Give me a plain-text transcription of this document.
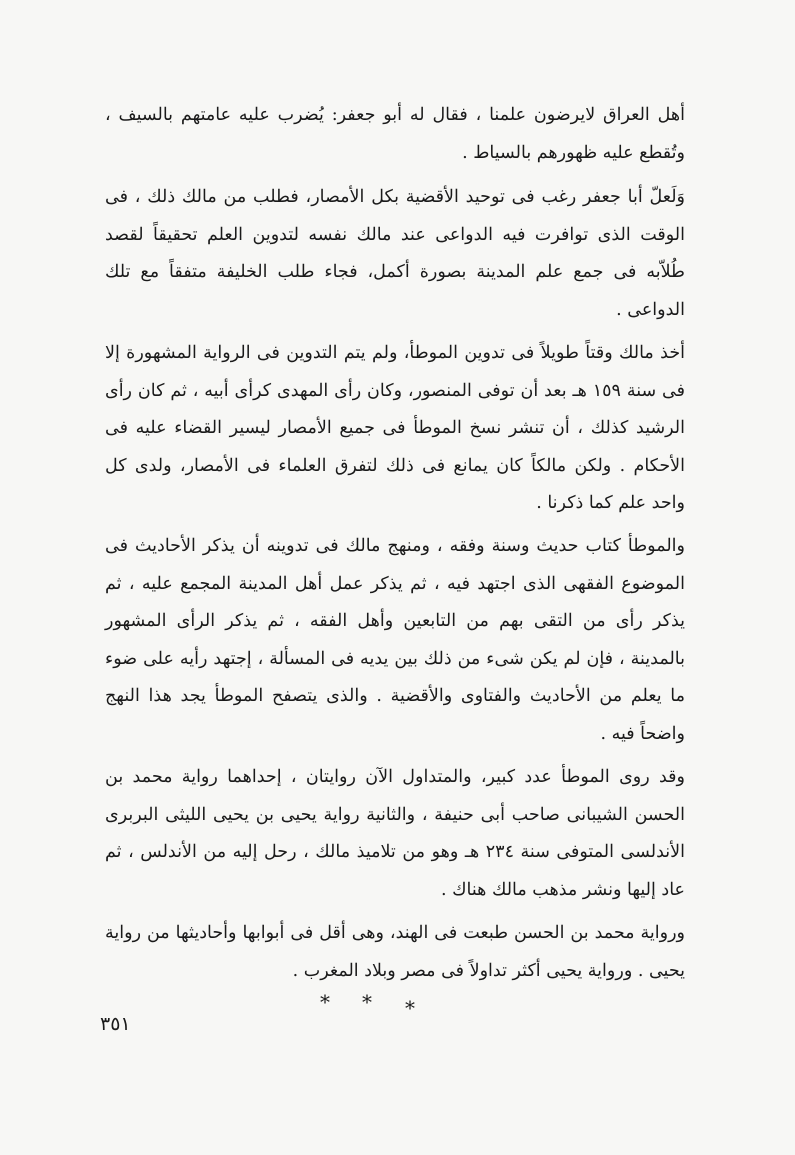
أهل العراق لايرضون علمنا ، فقال له أبو جعفر: يُضرب عليه عامتهم بالسيف ، وتُقطع عليه ظهورهم بالسياط .

وَلَعلّ أبا جعفر رغب فى توحيد الأقضية بكل الأمصار، فطلب من مالك ذلك ، فى الوقت الذى توافرت فيه الدواعى عند مالك نفسه لتدوين العلم تحقيقاً لقصد طُلاّبه فى جمع علم المدينة بصورة أكمل، فجاء طلب الخليفة متفقاً مع تلك الدواعى .

أخذ مالك وقتاً طويلاً فى تدوين الموطأ، ولم يتم التدوين فى الرواية المشهورة إلا فى سنة ١٥٩ هـ بعد أن توفى المنصور، وكان رأى المهدى كرأى أبيه ، ثم كان رأى الرشيد كذلك ، أن تنشر نسخ الموطأ فى جميع الأمصار ليسير القضاء عليه فى الأحكام . ولكن مالكاً كان يمانع فى ذلك لتفرق العلماء فى الأمصار، ولدى كل واحد علم كما ذكرنا .

والموطأ كتاب حديث وسنة وفقه ، ومنهج مالك فى تدوينه أن يذكر الأحاديث فى الموضوع الفقهى الذى اجتهد فيه ، ثم يذكر عمل أهل المدينة المجمع عليه ، ثم يذكر رأى من التقى بهم من التابعين وأهل الفقه ، ثم يذكر الرأى المشهور بالمدينة ، فإن لم يكن شىء من ذلك بين يديه فى المسألة ، إجتهد رأيه على ضوء ما يعلم من الأحاديث والفتاوى والأقضية . والذى يتصفح الموطأ يجد هذا النهج واضحاً فيه .

وقد روى الموطأ عدد كبير، والمتداول الآن روايتان ، إحداهما رواية محمد بن الحسن الشيبانى صاحب أبى حنيفة ، والثانية رواية يحيى بن يحيى الليثى البربرى الأندلسى المتوفى سنة ٢٣٤ هـ وهو من تلاميذ مالك ، رحل إليه من الأندلس ، ثم عاد إليها ونشر مذهب مالك هناك .

ورواية محمد بن الحسن طبعت فى الهند، وهى أقل فى أبوابها وأحاديثها من رواية يحيى . ورواية يحيى أكثر تداولاً فى مصر وبلاد المغرب .

* * *
٣٥١
